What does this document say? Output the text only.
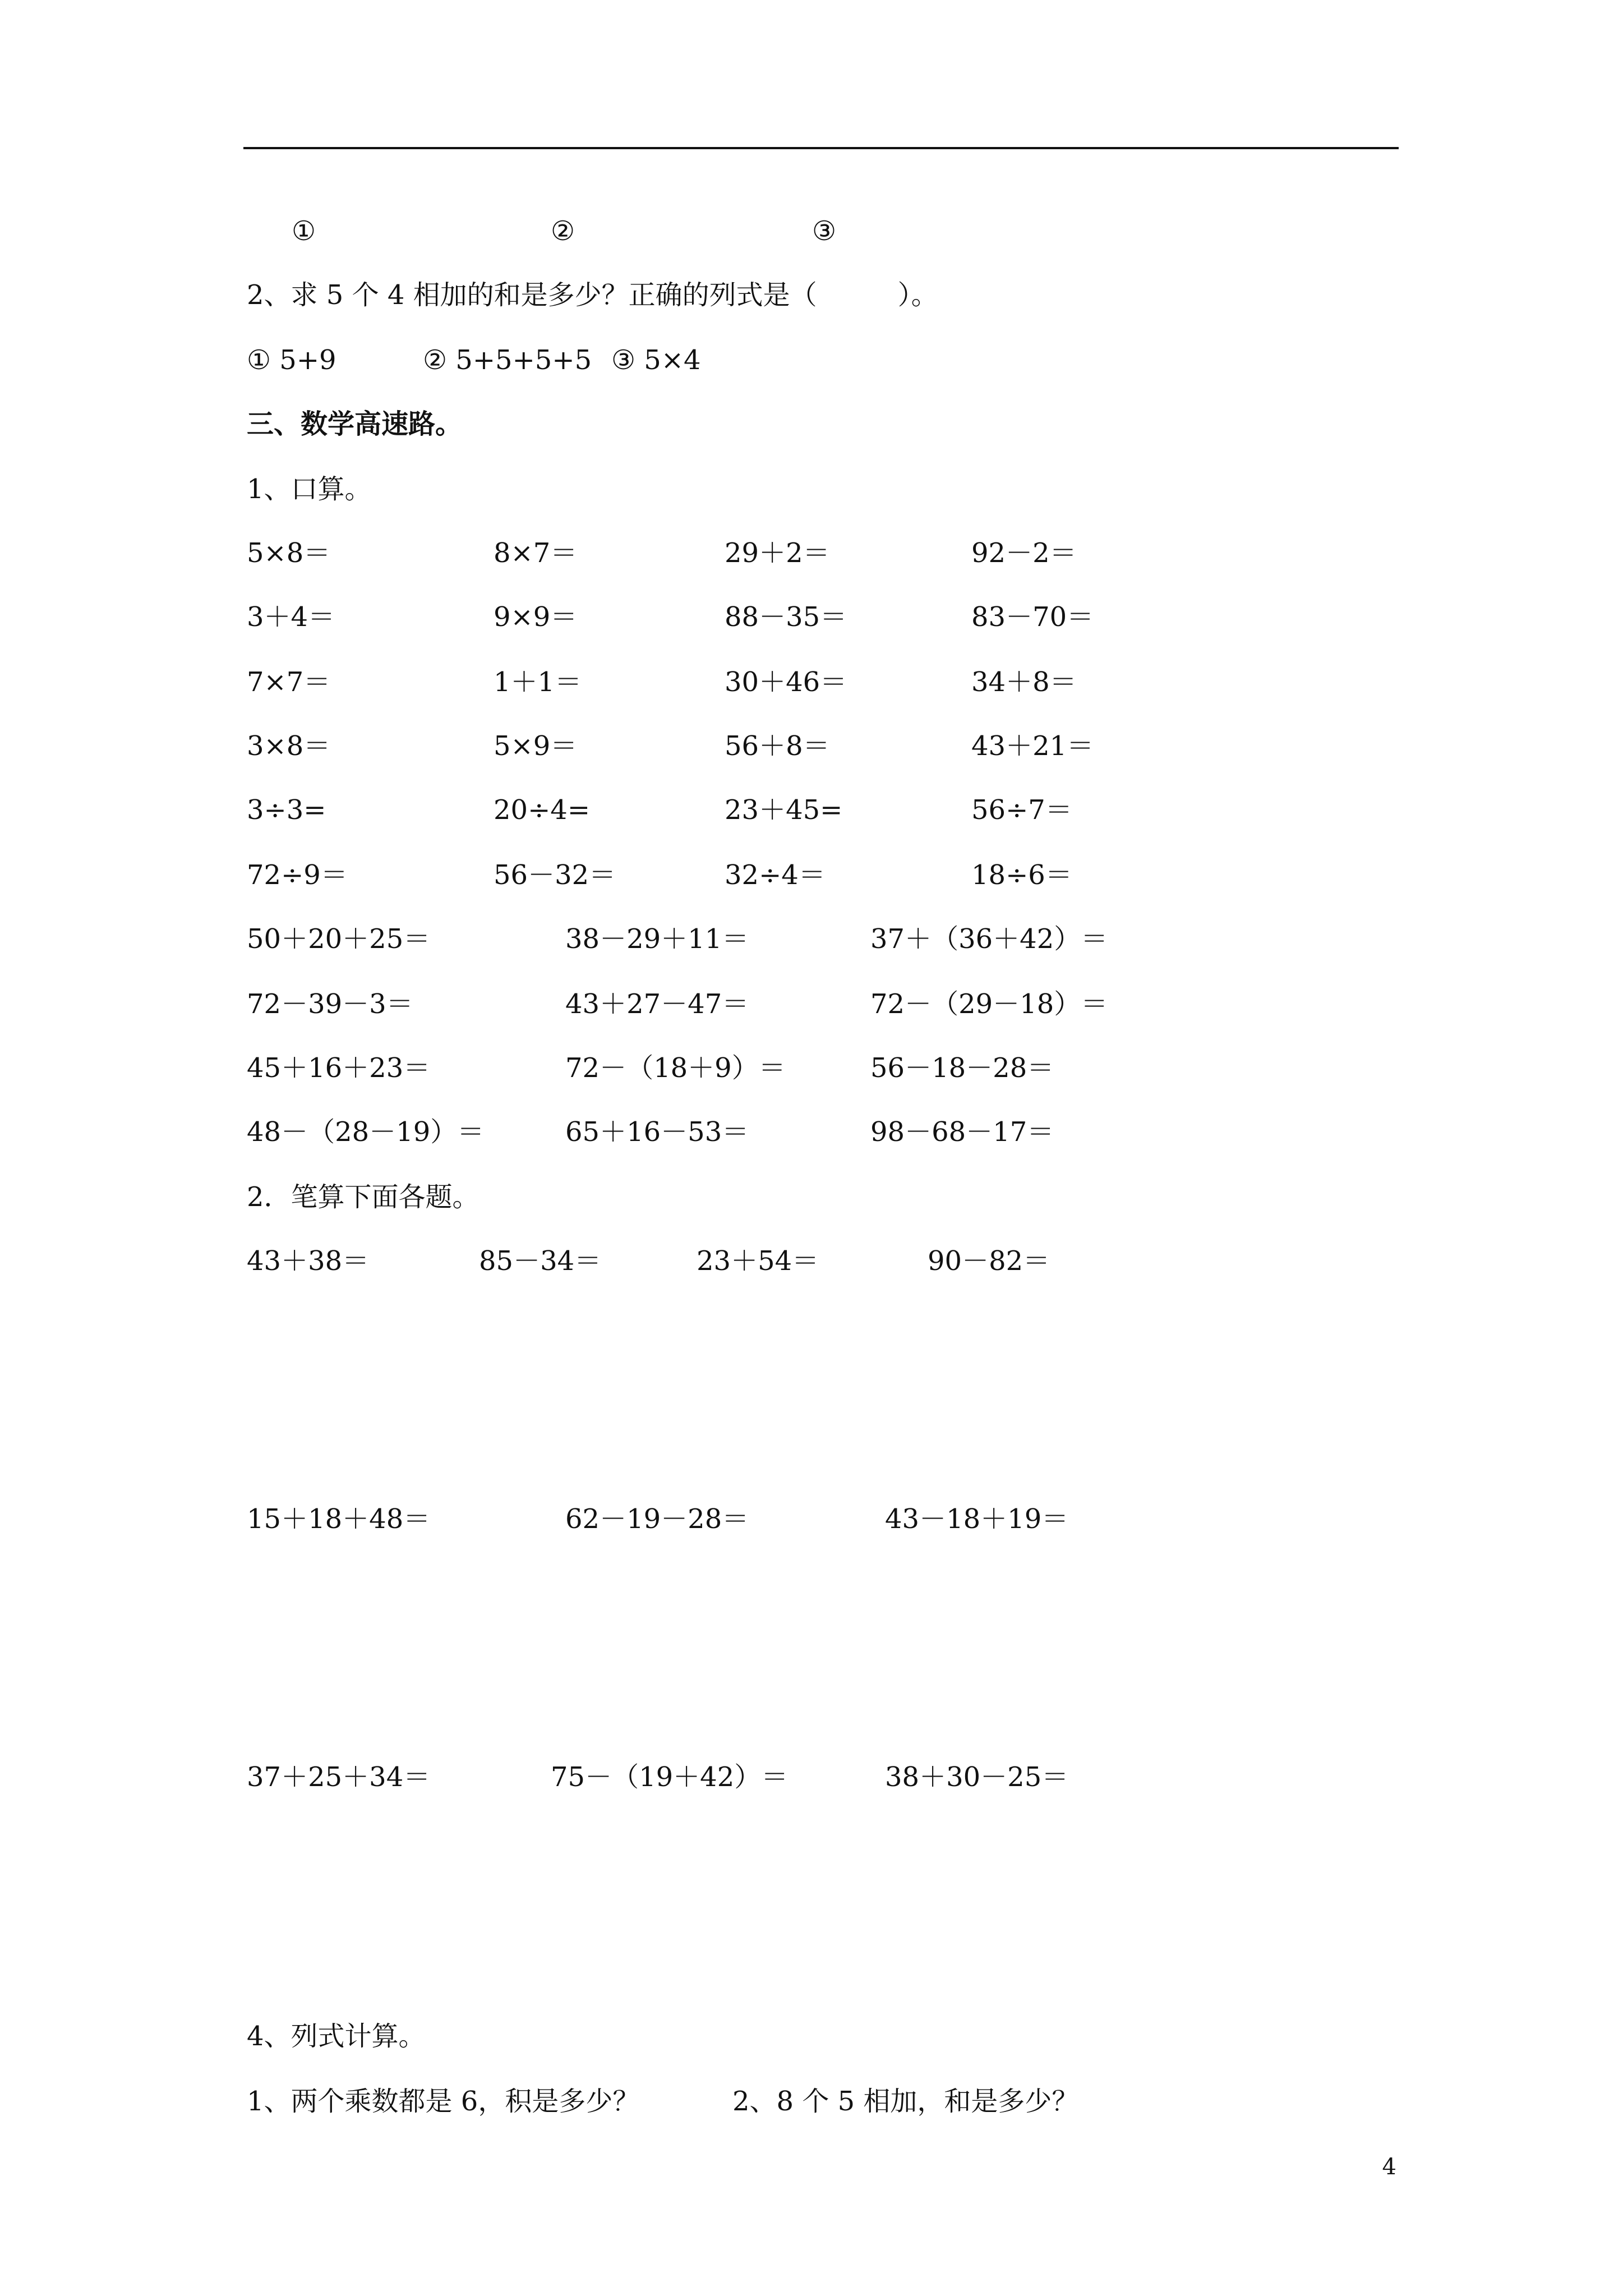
①	②	③
2、求 5 个 4 相加的和是多少？正确的列式是（　　　）。
① 5+9	② 5+5+5+5 ③ 5×4
三、数学高速路。
1、口算。
5×8＝	8×7＝	29＋2＝	92－2＝
3＋4＝	9×9＝	88－35＝	83－70＝
7×7＝	1＋1＝	30＋46＝	34＋8＝
3×8＝	5×9＝	56＋8＝	43＋21＝
3÷3=	20÷4=	23＋45=	56÷7＝
72÷9＝	56－32＝	32÷4＝	18÷6＝
50＋20＋25＝	38－29＋11＝	37＋（36＋42）＝
72－39－3＝	43＋27－47＝	72－（29－18）＝
45＋16＋23＝	72－（18＋9）＝	56－18－28＝
48－（28－19）＝	65＋16－53＝	98－68－17＝
2．笔算下面各题。
43＋38＝	85－34＝	23＋54＝	90－82＝
15＋18＋48＝	62－19－28＝	43－18＋19＝
37＋25＋34＝	75－（19＋42）＝	38＋30－25＝
4、列式计算。
1、两个乘数都是 6，积是多少？	2、8 个 5 相加，和是多少？
4
